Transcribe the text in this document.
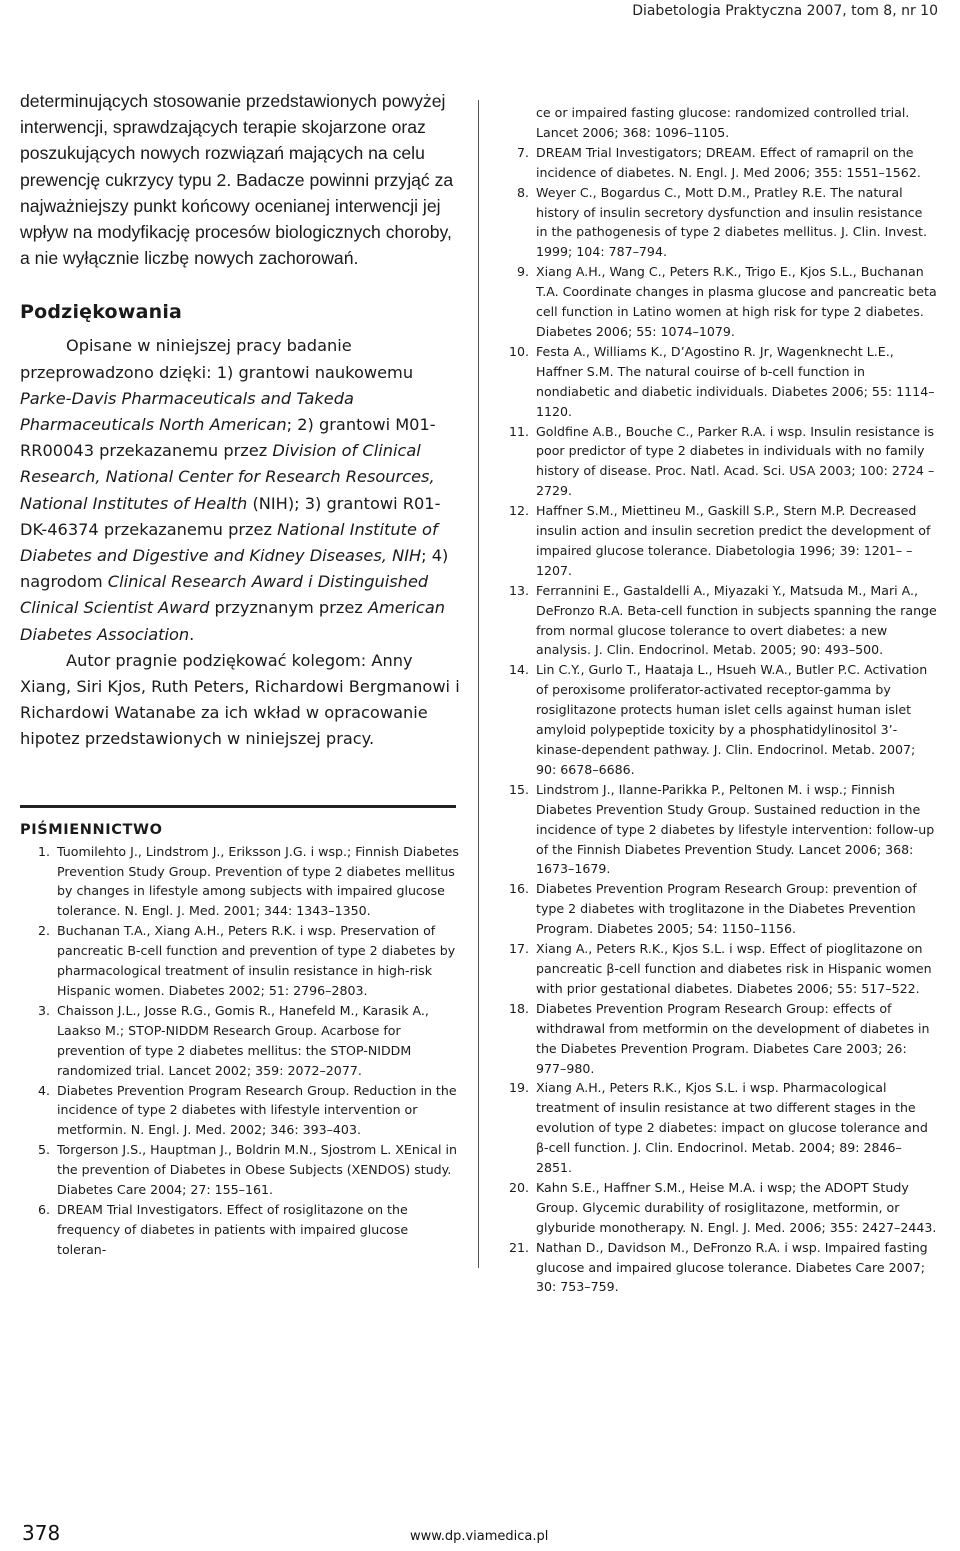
Diabetologia Praktyczna 2007, tom 8, nr 10

determinujących stosowanie przedstawionych powyżej interwencji, sprawdzających terapie skojarzone oraz poszukujących nowych rozwiązań mających na celu prewencję cukrzycy typu 2. Badacze powinni przyjąć za najważniejszy punkt końcowy ocenianej interwencji jej wpływ na modyfikację procesów biologicznych choroby, a nie wyłącznie liczbę nowych zachorowań.

Podziękowania

Opisane w niniejszej pracy badanie przeprowadzono dzięki: 1) grantowi naukowemu Parke-Davis Pharmaceuticals and Takeda Pharmaceuticals North American; 2) grantowi M01-RR00043 przekazanemu przez Division of Clinical Research, National Center for Research Resources, National Institutes of Health (NIH); 3) grantowi R01-DK-46374 przekazanemu przez National Institute of Diabetes and Digestive and Kidney Diseases, NIH; 4) nagrodom Clinical Research Award i Distinguished Clinical Scientist Award przyznanym przez American Diabetes Association.

Autor pragnie podziękować kolegom: Anny Xiang, Siri Kjos, Ruth Peters, Richardowi Bergmanowi i Richardowi Watanabe za ich wkład w opracowanie hipotez przedstawionych w niniejszej pracy.

PIŚMIENNICTWO
1. Tuomilehto J., Lindstrom J., Eriksson J.G. i wsp.; Finnish Diabetes Prevention Study Group. Prevention of type 2 diabetes mellitus by changes in lifestyle among subjects with impaired glucose tolerance. N. Engl. J. Med. 2001; 344: 1343–1350.
2. Buchanan T.A., Xiang A.H., Peters R.K. i wsp. Preservation of pancreatic B-cell function and prevention of type 2 diabetes by pharmacological treatment of insulin resistance in high-risk Hispanic women. Diabetes 2002; 51: 2796–2803.
3. Chaisson J.L., Josse R.G., Gomis R., Hanefeld M., Karasik A., Laakso M.; STOP-NIDDM Research Group. Acarbose for prevention of type 2 diabetes mellitus: the STOP-NIDDM randomized trial. Lancet 2002; 359: 2072–2077.
4. Diabetes Prevention Program Research Group. Reduction in the incidence of type 2 diabetes with lifestyle intervention or metformin. N. Engl. J. Med. 2002; 346: 393–403.
5. Torgerson J.S., Hauptman J., Boldrin M.N., Sjostrom L. XEnical in the prevention of Diabetes in Obese Subjects (XENDOS) study. Diabetes Care 2004; 27: 155–161.
6. DREAM Trial Investigators. Effect of rosiglitazone on the frequency of diabetes in patients with impaired glucose toleran-
ce or impaired fasting glucose: randomized controlled trial. Lancet 2006; 368: 1096–1105.
7. DREAM Trial Investigators; DREAM. Effect of ramapril on the incidence of diabetes. N. Engl. J. Med 2006; 355: 1551–1562.
8. Weyer C., Bogardus C., Mott D.M., Pratley R.E. The natural history of insulin secretory dysfunction and insulin resistance in the pathogenesis of type 2 diabetes mellitus. J. Clin. Invest. 1999; 104: 787–794.
9. Xiang A.H., Wang C., Peters R.K., Trigo E., Kjos S.L., Buchanan T.A. Coordinate changes in plasma glucose and pancreatic beta cell function in Latino women at high risk for type 2 diabetes. Diabetes 2006; 55: 1074–1079.
10. Festa A., Williams K., D’Agostino R. Jr, Wagenknecht L.E., Haffner S.M. The natural couirse of b-cell function in nondiabetic and diabetic individuals. Diabetes 2006; 55: 1114–1120.
11. Goldfine A.B., Bouche C., Parker R.A. i wsp. Insulin resistance is poor predictor of type 2 diabetes in individuals with no family history of disease. Proc. Natl. Acad. Sci. USA 2003; 100: 2724 –2729.
12. Haffner S.M., Miettineu M., Gaskill S.P., Stern M.P. Decreased insulin action and insulin secretion predict the development of impaired glucose tolerance. Diabetologia 1996; 39: 1201– –1207.
13. Ferrannini E., Gastaldelli A., Miyazaki Y., Matsuda M., Mari A., DeFronzo R.A. Beta-cell function in subjects spanning the range from normal glucose tolerance to overt diabetes: a new analysis. J. Clin. Endocrinol. Metab. 2005; 90: 493–500.
14. Lin C.Y., Gurlo T., Haataja L., Hsueh W.A., Butler P.C. Activation of peroxisome proliferator-activated receptor-gamma by rosiglitazone protects human islet cells against human islet amyloid polypeptide toxicity by a phosphatidylinositol 3’-kinase-dependent pathway. J. Clin. Endocrinol. Metab. 2007; 90: 6678–6686.
15. Lindstrom J., Ilanne-Parikka P., Peltonen M. i wsp.; Finnish Diabetes Prevention Study Group. Sustained reduction in the incidence of type 2 diabetes by lifestyle intervention: follow-up of the Finnish Diabetes Prevention Study. Lancet 2006; 368: 1673–1679.
16. Diabetes Prevention Program Research Group: prevention of type 2 diabetes with troglitazone in the Diabetes Prevention Program. Diabetes 2005; 54: 1150–1156.
17. Xiang A., Peters R.K., Kjos S.L. i wsp. Effect of pioglitazone on pancreatic β-cell function and diabetes risk in Hispanic women with prior gestational diabetes. Diabetes 2006; 55: 517–522.
18. Diabetes Prevention Program Research Group: effects of withdrawal from metformin on the development of diabetes in the Diabetes Prevention Program. Diabetes Care 2003; 26: 977–980.
19. Xiang A.H., Peters R.K., Kjos S.L. i wsp. Pharmacological treatment of insulin resistance at two different stages in the evolution of type 2 diabetes: impact on glucose tolerance and β-cell function. J. Clin. Endocrinol. Metab. 2004; 89: 2846–2851.
20. Kahn S.E., Haffner S.M., Heise M.A. i wsp; the ADOPT Study Group. Glycemic durability of rosiglitazone, metformin, or glyburide monotherapy. N. Engl. J. Med. 2006; 355: 2427–2443.
21. Nathan D., Davidson M., DeFronzo R.A. i wsp. Impaired fasting glucose and impaired glucose tolerance. Diabetes Care 2007; 30: 753–759.
378	www.dp.viamedica.pl
